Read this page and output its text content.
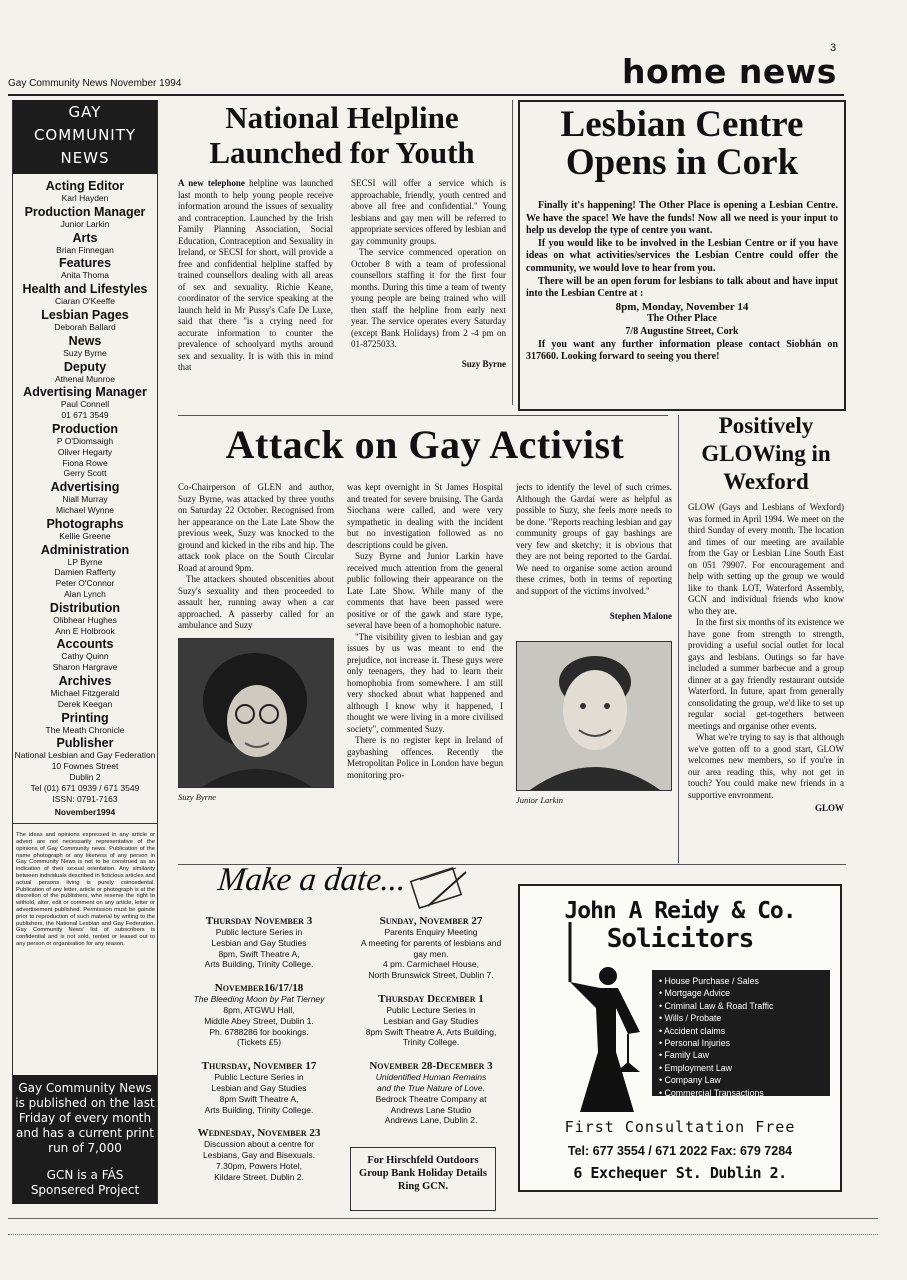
3
Gay Community News November 1994	home news
GAY
COMMUNITY
NEWS
Acting Editor
Karl Hayden
Production Manager
Junior Larkin
Arts
Brian Finnegan
Features
Anita Thoma
Health and Lifestyles
Ciaran O'Keeffe
Lesbian Pages
Deborah Ballard
News
Suzy Byrne
Deputy
Athenal Munroe
Advertising Manager
Paul Connell
01 671 3549
Production
P O'Diomsaigh
Oliver Hegarty
Fiona Rowe
Gerry Scott
Advertising
Niall Murray
Michael Wynne
Photographs
Kellie Greene
Administration
LP Byrne
Damien Rafferty
Peter O'Connor
Alan Lynch
Distribution
Olibhear Hughes
Ann E Holbrook
Accounts
Cathy Quinn
Sharon Hargrave
Archives
Michael Fitzgerald
Derek Keegan
Printing
The Meath Chronicle
Publisher
National Lesbian and Gay Federation
10 Fownes Street
Dublin 2
Tel (01) 671 0939 / 671 3549
ISSN: 0791-7163
November1994
The ideas and opinions expressed in any article or advert are not necessarily representative of the opinions of Gay Community news. Publication of the name photograph or any likeness of any person in Gay Community News is not to be construed as an indication of their sexual orientation. Any similarity between individuals described in ficticious articles and actual persons living is purely coincedental. Publication of any letter, article or photograph is at the discretion of the publishers, who reserve the right to withold, alter, edit or comment on any article, letter or advertisement published. Permission must be gainde prior to reproduction of such material by writing to the publishers, the National Lesbian and Gay Federation. Gay Community News' list of subscribers is confidential and is not sold, rented or leased out to any person or organisation for any reason.
Gay Community News is published on the last Friday of every month and has a current print run of 7,000
GCN is a FÁS Sponsered Project
National Helpline Launched for Youth
A new telephone helpline was launched last month to help young people receive information around the issues of sexuality and contraception. Launched by the Irish Family Planning Association, Social Education, Contraception and Sexuality in Ireland, or SECSI for short, will provide a free and confidential helpline staffed by trained counsellors dealing with all areas of sex and sexuality. Richie Keane, coordinator of the service speaking at the launch held in Mr Pussy's Cafe De Luxe, said that there "is a crying need for accurate information to counter the prevalence of schoolyard myths around sex and sexuality. It is with this in mind that

SECSI will offer a service which is approachable, friendly, youth centred and above all free and confidential." Young lesbians and gay men will be referred to appropriate services offered by lesbian and gay community groups.

The service commenced operation on October 8 with a team of professional counsellors staffing it for the first four months. During this time a team of twenty young people are being trained who will then staff the helpline from early next year. The service operates every Saturday (except Bank Holidays) from 2 -4 pm on 01-8725033.

Suzy Byrne
Lesbian Centre Opens in Cork

Finally it's happening! The Other Place is opening a Lesbian Centre. We have the space! We have the funds! Now all we need is your input to help us develop the type of centre you want.

If you would like to be involved in the Lesbian Centre or if you have ideas on what activities/services the Lesbian Centre could offer the community, we would love to hear from you.

There will be an open forum for lesbians to talk about and have input into the Lesbian Centre at :

8pm, Monday, November 14

The Other Place

7/8 Augustine Street, Cork

If you want any further information please contact Siobhán on 317660. Looking forward to seeing you there!

Attack on Gay Activist

Co-Chairperson of GLEN and author, Suzy Byrne, was attacked by three youths on Saturday 22 October. Recognised from her appearance on the Late Late Show the previous week, Suzy was knocked to the ground and kicked in the ribs and hip. The attack took place on the South Circular Road at around 9pm.

The attackers shouted obscenities about Suzy's sexuality and then proceeded to assault her, running away when a car approached. A passerby called for an ambulance and Suzy

Suzy Byrne

was kept overnight in St James Hospital and treated for severe bruising. The Garda Siochana were called, and were very sympathetic in dealing with the incident but no investigation followed as no descriptions could be given.

Suzy Byrne and Junior Larkin have received much attention from the general public following their appearance on the Late Late Show. While many of the comments that have been passed were positive or of the gawk and stare type, several have been of a homophobic nature.

"The visibility given to lesbian and gay issues by us was meant to end the prejudice, not increase it. These guys were only teenagers, they had to learn their homophobia from somewhere. I am still very shocked about what happened and although I know why it happened, I thought we were living in a more civilised society", commented Suzy.

There is no register kept in Ireland of gaybashing offences. Recently the Metropolitan Police in London have begun monitoring pro-

jects to identify the level of such crimes. Although the Gardaí were as helpful as possible to Suzy, she feels more needs to be done. "Reports reaching lesbian and gay community groups of gay bashings are very few and sketchy; it is obvious that they are not being reported to the Gardaí. We need to organise some action around these crimes, both in terms of reporting and support of the victims involved."

Stephen Malone
Junior Larkin
Positively GLOWing in Wexford

GLOW (Gays and Lesbians of Wexford) was formed in April 1994. We meet on the third Sunday of every month. The location and times of our meeting are available from the Gay or Lesbian Line South East on 051 79907. For encouragement and help with setting up the group we would like to thank LOT, Waterford Assembly, GCN and individual friends who know who they are.

In the first six months of its existence we have gone from strength to strength, providing a useful social outlet for local gays and lesbians. Outings so far have included a summer barbecue and a group dinner at a gay friendly restaurant outside Waterford. In future, apart from generally consolidating the group, we'd like to set up regular social get-togethers between meetings and organise other events.

What we're trying to say is that although we've gotten off to a good start, GLOW welcomes new members, so if you're in our area reading this, why not get in touch? You could make new friends in a supportive envronment.

GLOW
Make a date...
Thursday November 3
Public lecture Series in
Lesbian and Gay Studies
8pm, Swift Theatre A,
Arts Building, Trinity College.
November16/17/18
The Bleeding Moon by Pat Tierney
8pm, ATGWU Hall,
Middle Abey Street, Dublin 1.
Ph. 6788286 for bookings.
(Tickets £5)
Thursday, November 17
Public Lecture Series in
Lesbian and Gay Studies
8pm Swift Theatre A,
Arts Building, Trinity College.
Wednesday, November 23
Discussion about a centre for
Lesbians, Gay and Bisexuals.
7.30pm, Powers Hotel,
Kildare Street. Dublin 2.
Sunday, November 27
Parents Enquiry Meeting
A meeting for parents of lesbians and
gay men.
4 pm. Carmichael House,
North Brunswick Street, Dublin 7.
Thursday December 1
Public Lecture Series in
Lesbian and Gay Studies
8pm Swift Theatre A, Arts Building,
Trinity College.
November 28-December 3
Unidentified Human Remains
and the True Nature of Love.
Bedrock Theatre Company at
Andrews Lane Studio
Andrews Lane, Dublin 2.
For Hirschfeld Outdoors Group Bank Holiday Details Ring GCN.
John A Reidy & Co.
Solicitors
• House Purchase / Sales
• Mortgage Advice
• Criminal Law & Road Traffic
• Wills / Probate
• Accident claims
• Personal Injuries
• Family Law
• Employment Law
• Company Law
• Commercial Transactions
First Consultation Free
Tel: 677 3554 / 671 2022 Fax: 679 7284
6 Exchequer St. Dublin 2.
